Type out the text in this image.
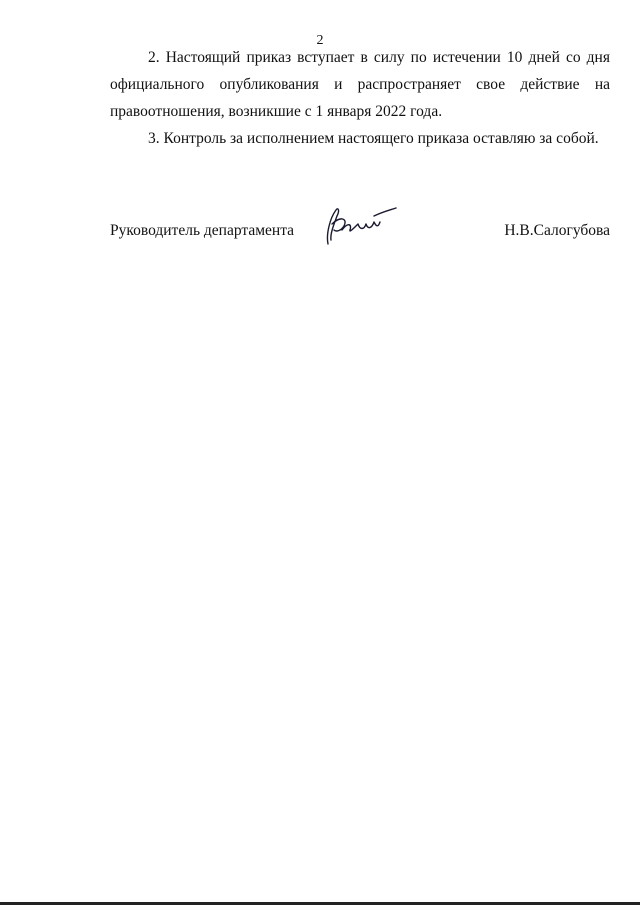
2

2. Настоящий приказ вступает в силу по истечении 10 дней со дня официального опубликования и распространяет свое действие на правоотношения, возникшие с 1 января 2022 года.

3. Контроль за исполнением настоящего приказа оставляю за собой.

Руководитель департамента	Н.В.Салогубова
